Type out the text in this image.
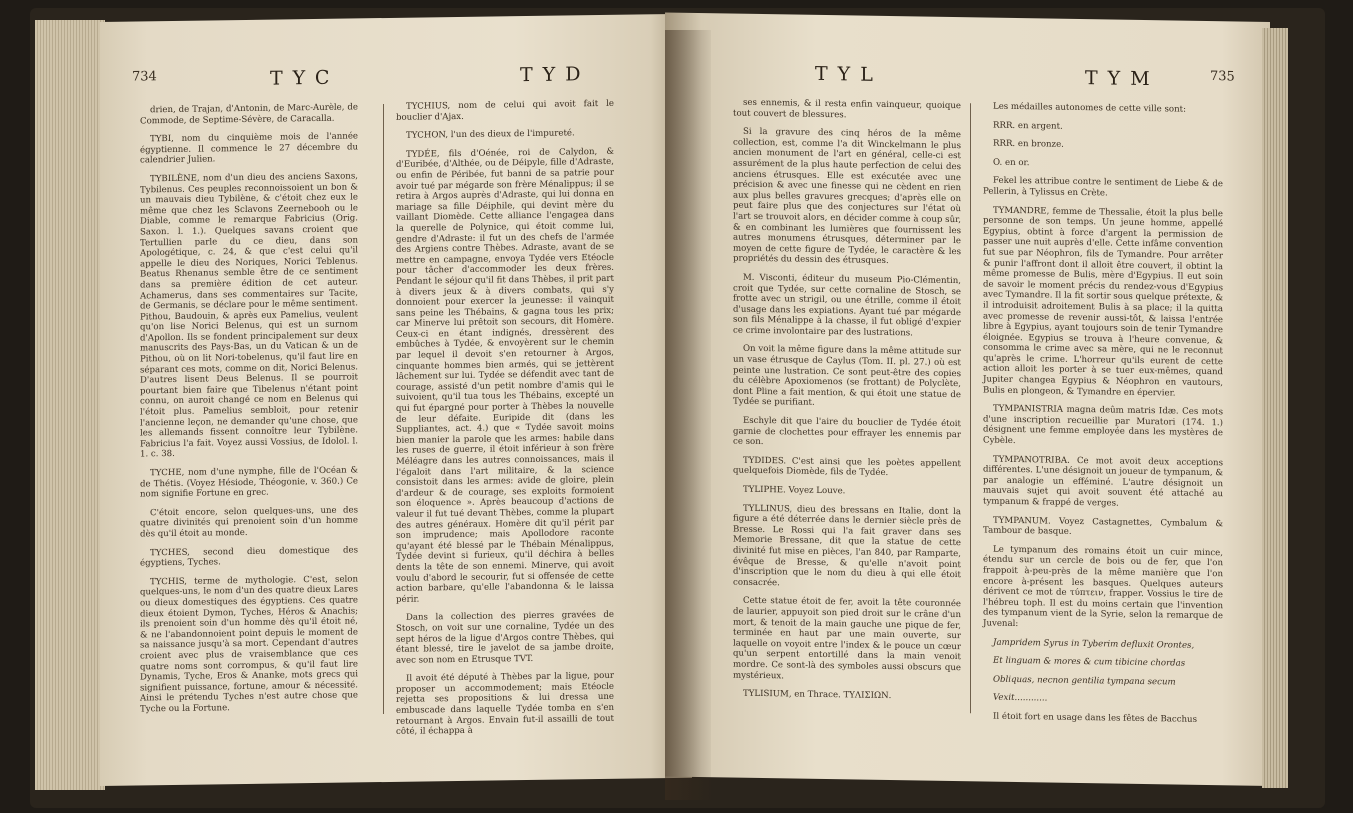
734	TYC	TYD

drien, de Trajan, d'Antonin, de Marc-Aurèle, de Commode, de Septime-Sévère, de Caracalla.

TYBI, nom du cinquième mois de l'année égyptienne. Il commence le 27 décembre du calendrier Julien.

TYBILÈNE, nom d'un dieu des anciens Saxons, Tybilenus. Ces peuples reconnoissoient un bon & un mauvais dieu Tybilène, & c'étoit chez eux le même que chez les Sclavons Zeernebooh ou le Diable, comme le remarque Fabricius (Orig. Saxon. l. 1.). Quelques savans croient que Tertullien parle du ce dieu, dans son Apologétique, c. 24, & que c'est celui qu'il appelle le dieu des Noriques, Norici Teblenus. Beatus Rhenanus semble être de ce sentiment dans sa première édition de cet auteur. Achamerus, dans ses commentaires sur Tacite, de Germanis, se déclare pour le même sentiment. Pithou, Baudouin, & après eux Pamelius, veulent qu'on lise Norici Belenus, qui est un surnom d'Apollon. Ils se fondent principalement sur deux manuscrits des Pays-Bas, un du Vatican & un de Pithou, où on lit Nori-tobelenus, qu'il faut lire en séparant ces mots, comme on dit, Norici Belenus. D'autres lisent Deus Belenus. Il se pourroit pourtant bien faire que Tibelenus n'étant point connu, on auroit changé ce nom en Belenus qui l'étoit plus. Pamelius sembloit, pour retenir l'ancienne leçon, ne demander qu'une chose, que les allemands fissent connoître leur Tybilène. Fabricius l'a fait. Voyez aussi Vossius, de Idolol. l. 1. c. 38.

TYCHE, nom d'une nymphe, fille de l'Océan & de Thétis. (Voyez Hésiode, Théogonie, v. 360.) Ce nom signifie Fortune en grec.

C'étoit encore, selon quelques-uns, une des quatre divinités qui prenoient soin d'un homme dès qu'il étoit au monde.

TYCHES, second dieu domestique des égyptiens, Tyches.

TYCHIS, terme de mythologie. C'est, selon quelques-uns, le nom d'un des quatre dieux Lares ou dieux domestiques des égyptiens. Ces quatre dieux étoient Dymon, Tyches, Héros & Anachis; ils prenoient soin d'un homme dès qu'il étoit né, & ne l'abandonnoient point depuis le moment de sa naissance jusqu'à sa mort. Cependant d'autres croient avec plus de vraisemblance que ces quatre noms sont corrompus, & qu'il faut lire Dynamis, Tyche, Eros & Ananke, mots grecs qui signifient puissance, fortune, amour & nécessité. Ainsi le prétendu Tyches n'est autre chose que Tyche ou la Fortune.

TYCHIUS, nom de celui qui avoit fait le bouclier d'Ajax.

TYCHON, l'un des dieux de l'impureté.

TYDÉE, fils d'Oénée, roi de Calydon, & d'Euribée, d'Althée, ou de Déipyle, fille d'Adraste, ou enfin de Péribée, fut banni de sa patrie pour avoir tué par mégarde son frère Ménalippus; il se retira à Argos auprès d'Adraste, qui lui donna en mariage sa fille Déiphile, qui devint mère du vaillant Diomède. Cette alliance l'engagea dans la querelle de Polynice, qui étoit comme lui, gendre d'Adraste: il fut un des chefs de l'armée des Argiens contre Thèbes. Adraste, avant de se mettre en campagne, envoya Tydée vers Etéocle pour tâcher d'accommoder les deux frères. Pendant le séjour qu'il fit dans Thèbes, il prit part à divers jeux & à divers combats, qui s'y donnoient pour exercer la jeunesse: il vainquit sans peine les Thébains, & gagna tous les prix; car Minerve lui prêtoit son secours, dit Homère. Ceux-ci en étant indignés, dressèrent des embûches à Tydée, & envoyèrent sur le chemin par lequel il devoit s'en retourner à Argos, cinquante hommes bien armés, qui se jettèrent lâchement sur lui. Tydée se défendit avec tant de courage, assisté d'un petit nombre d'amis qui le suivoient, qu'il tua tous les Thébains, excepté un qui fut épargné pour porter à Thèbes la nouvelle de leur défaite. Euripide dit (dans les Suppliantes, act. 4.) que « Tydée savoit moins bien manier la parole que les armes: habile dans les ruses de guerre, il étoit inférieur à son frère Méléagre dans les autres connoissances, mais il l'égaloit dans l'art militaire, & la science consistoit dans les armes: avide de gloire, plein d'ardeur & de courage, ses exploits formoient son éloquence ». Après beaucoup d'actions de valeur il fut tué devant Thèbes, comme la plupart des autres généraux. Homère dit qu'il périt par son imprudence; mais Apollodore raconte qu'ayant été blessé par le Thébain Ménalippus, Tydée devint si furieux, qu'il déchira à belles dents la tête de son ennemi. Minerve, qui avoit voulu d'abord le secourir, fut si offensée de cette action barbare, qu'elle l'abandonna & le laissa périr.

Dans la collection des pierres gravées de Stosch, on voit sur une cornaline, Tydée un des sept héros de la ligue d'Argos contre Thèbes, qui étant blessé, tire le javelot de sa jambe droite, avec son nom en Etrusque TVT.

Il avoit été député à Thèbes par la ligue, pour proposer un accommodement; mais Etéocle rejetta ses propositions & lui dressa une embuscade dans laquelle Tydée tomba en s'en retournant à Argos. Envain fut-il assailli de tout côté, il échappa à

TYL	TYM	735

ses ennemis, & il resta enfin vainqueur, quoique tout couvert de blessures.

Si la gravure des cinq héros de la même collection, est, comme l'a dit Winckelmann le plus ancien monument de l'art en général, celle-ci est assurément de la plus haute perfection de celui des anciens étrusques. Elle est exécutée avec une précision & avec une finesse qui ne cèdent en rien aux plus belles gravures grecques; d'après elle on peut faire plus que des conjectures sur l'état où l'art se trouvoit alors, en décider comme à coup sûr, & en combinant les lumières que fournissent les autres monumens étrusques, déterminer par le moyen de cette figure de Tydée, le caractère & les propriétés du dessin des étrusques.

M. Visconti, éditeur du museum Pio-Clémentin, croit que Tydée, sur cette cornaline de Stosch, se frotte avec un strigil, ou une étrille, comme il étoit d'usage dans les expiations. Ayant tué par mégarde son fils Ménalippe à la chasse, il fut obligé d'expier ce crime involontaire par des lustrations.

On voit la même figure dans la même attitude sur un vase étrusque de Caylus (Tom. II. pl. 27.) où est peinte une lustration. Ce sont peut-être des copies du célèbre Apoxiomenos (se frottant) de Polyclète, dont Pline a fait mention, & qui étoit une statue de Tydée se purifiant.

Eschyle dit que l'aire du bouclier de Tydée étoit garnie de clochettes pour effrayer les ennemis par ce son.

TYDIDES. C'est ainsi que les poètes appellent quelquefois Diomède, fils de Tydée.

TYLIPHE. Voyez Louve.

TYLLINUS, dieu des bressans en Italie, dont la figure a été déterrée dans le dernier siècle près de Bresse. Le Rossi qui l'a fait graver dans ses Memorie Bressane, dit que la statue de cette divinité fut mise en pièces, l'an 840, par Ramparte, évêque de Bresse, & qu'elle n'avoit point d'inscription que le nom du dieu à qui elle étoit consacrée.

Cette statue étoit de fer, avoit la tête couronnée de laurier, appuyoit son pied droit sur le crâne d'un mort, & tenoit de la main gauche une pique de fer, terminée en haut par une main ouverte, sur laquelle on voyoit entre l'index & le pouce un cœur qu'un serpent entortillé dans la main venoit mordre. Ce sont-là des symboles aussi obscurs que mystérieux.

TYLISIUM, en Thrace. TΥΛΙΣΙΩΝ.

Les médailles autonomes de cette ville sont:

RRR. en argent.

RRR. en bronze.

O. en or.

Fekel les attribue contre le sentiment de Liebe & de Pellerin, à Tylissus en Crète.

TYMANDRE, femme de Thessalie, étoit la plus belle personne de son temps. Un jeune homme, appellé Egypius, obtint à force d'argent la permission de passer une nuit auprès d'elle. Cette infâme convention fut sue par Néophron, fils de Tymandre. Pour arrêter & punir l'affront dont il alloit être couvert, il obtint la même promesse de Bulis, mère d'Egypius. Il eut soin de savoir le moment précis du rendez-vous d'Egypius avec Tymandre. Il la fit sortir sous quelque prétexte, & il introduisit adroitement Bulis à sa place; il la quitta avec promesse de revenir aussi-tôt, & laissa l'entrée libre à Egypius, ayant toujours soin de tenir Tymandre éloignée. Egypius se trouva à l'heure convenue, & consomma le crime avec sa mère, qui ne le reconnut qu'après le crime. L'horreur qu'ils eurent de cette action alloit les porter à se tuer eux-mêmes, quand Jupiter changea Egypius & Néophron en vautours, Bulis en plongeon, & Tymandre en épervier.

TYMPANISTRIA magna deûm matris Idæ. Ces mots d'une inscription recueillie par Muratori (174. 1.) désignent une femme employée dans les mystères de Cybèle.

TYMPANOTRIBA. Ce mot avoit deux acceptions différentes. L'une désignoit un joueur de tympanum, & par analogie un efféminé. L'autre désignoit un mauvais sujet qui avoit souvent été attaché au tympanum & frappé de verges.

TYMPANUM. Voyez Castagnettes, Cymbalum & Tambour de basque.

Le tympanum des romains étoit un cuir mince, étendu sur un cercle de bois ou de fer, que l'on frappoit à-peu-près de la même manière que l'on encore à-présent les basques. Quelques auteurs dérivent ce mot de τύπτειν, frapper. Vossius le tire de l'hébreu toph. Il est du moins certain que l'invention des tympanum vient de la Syrie, selon la remarque de Juvenal:

Jampridem Syrus in Tyberim defluxit Orontes,

Et linguam & mores & cum tibicine chordas

Obliquas, necnon gentilia tympana secum

Vexit............

Il étoit fort en usage dans les fêtes de Bacchus
